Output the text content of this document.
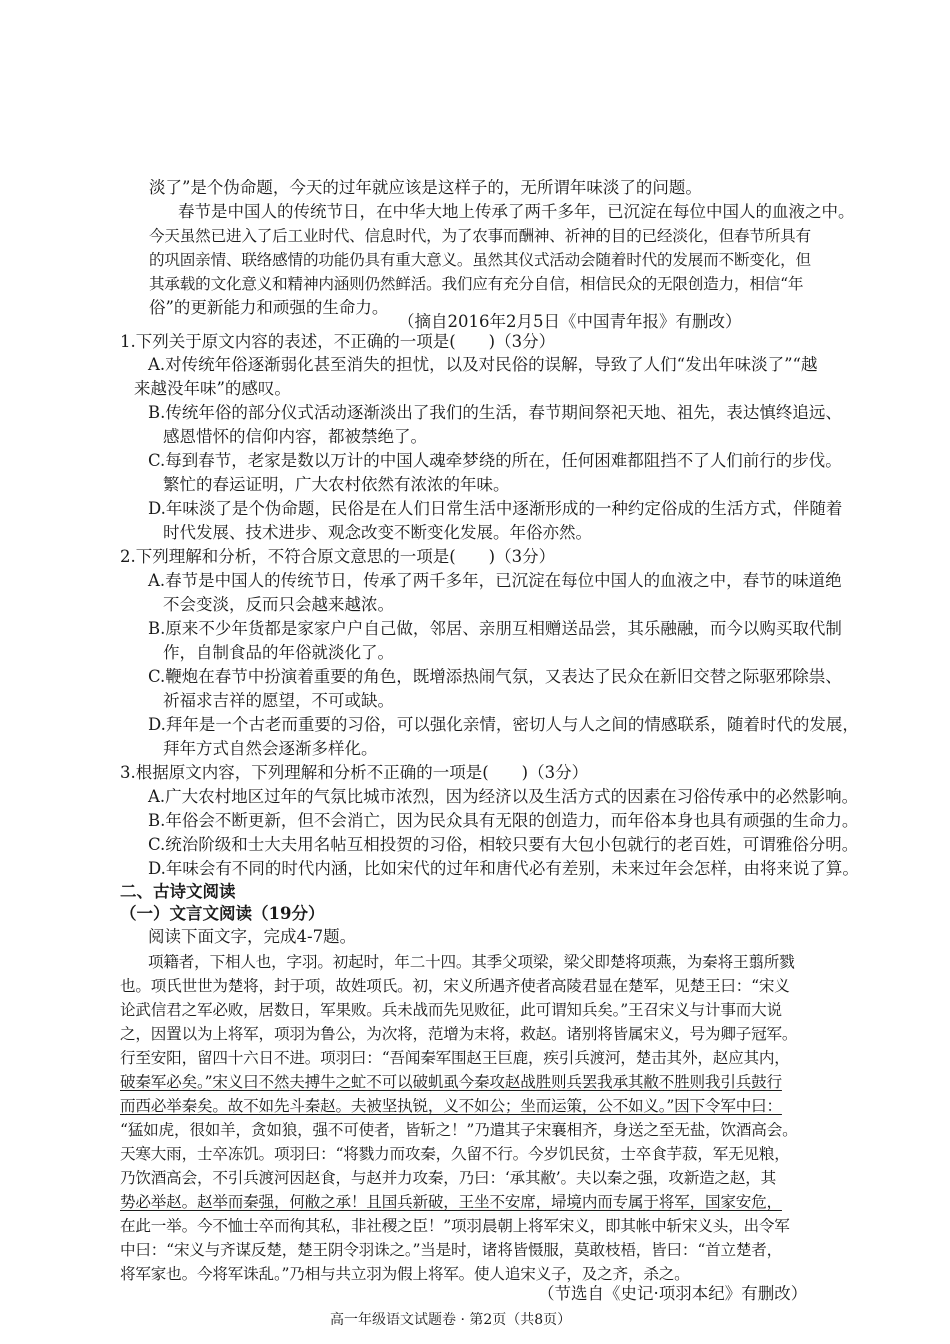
淡了”是个伪命题，今天的过年就应该是这样子的，无所谓年味淡了的问题。
春节是中国人的传统节日，在中华大地上传承了两千多年，已沉淀在每位中国人的血液之中。
今天虽然已进入了后工业时代、信息时代，为了农事而酬神、祈神的目的已经淡化，但春节所具有
的巩固亲情、联络感情的功能仍具有重大意义。虽然其仪式活动会随着时代的发展而不断变化，但
其承载的文化意义和精神内涵则仍然鲜活。我们应有充分自信，相信民众的无限创造力，相信“年
俗”的更新能力和顽强的生命力。
（摘自2016年2月5日《中国青年报》有删改）
1.下列关于原文内容的表述，不正确的一项是(　　)（3分）
A.对传统年俗逐渐弱化甚至消失的担忧，以及对民俗的误解，导致了人们“发出年味淡了”“越
来越没年味”的感叹。
B.传统年俗的部分仪式活动逐渐淡出了我们的生活，春节期间祭祀天地、祖先，表达慎终追远、
感恩惜怀的信仰内容，都被禁绝了。
C.每到春节，老家是数以万计的中国人魂牵梦绕的所在，任何困难都阻挡不了人们前行的步伐。
繁忙的春运证明，广大农村依然有浓浓的年味。
D.年味淡了是个伪命题，民俗是在人们日常生活中逐渐形成的一种约定俗成的生活方式，伴随着
时代发展、技术进步、观念改变不断变化发展。年俗亦然。
2.下列理解和分析，不符合原文意思的一项是(　　)（3分）
A.春节是中国人的传统节日，传承了两千多年，已沉淀在每位中国人的血液之中，春节的味道绝
不会变淡，反而只会越来越浓。
B.原来不少年货都是家家户户自己做，邻居、亲朋互相赠送品尝，其乐融融，而今以购买取代制
作，自制食品的年俗就淡化了。
C.鞭炮在春节中扮演着重要的角色，既增添热闹气氛，又表达了民众在新旧交替之际驱邪除祟、
祈福求吉祥的愿望，不可或缺。
D.拜年是一个古老而重要的习俗，可以强化亲情，密切人与人之间的情感联系，随着时代的发展，
拜年方式自然会逐渐多样化。
3.根据原文内容，下列理解和分析不正确的一项是(　　)（3分）
A.广大农村地区过年的气氛比城市浓烈，因为经济以及生活方式的因素在习俗传承中的必然影响。
B.年俗会不断更新，但不会消亡，因为民众具有无限的创造力，而年俗本身也具有顽强的生命力。
C.统治阶级和士大夫用名帖互相投贺的习俗，相较只要有大包小包就行的老百姓，可谓雅俗分明。
D.年味会有不同的时代内涵，比如宋代的过年和唐代必有差别，未来过年会怎样，由将来说了算。
二、古诗文阅读
（一）文言文阅读（19分）
阅读下面文字，完成4-7题。
项籍者，下相人也，字羽。初起时，年二十四。其季父项梁，梁父即楚将项燕，为秦将王翦所戮
也。项氏世世为楚将，封于项，故姓项氏。初，宋义所遇齐使者高陵君显在楚军，见楚王曰：“宋义
论武信君之军必败，居数日，军果败。兵未战而先见败征，此可谓知兵矣。”王召宋义与计事而大说
之，因置以为上将军，项羽为鲁公，为次将，范增为末将，救赵。诸别将皆属宋义，号为卿子冠军。
行至安阳，留四十六日不进。项羽曰：“吾闻秦军围赵王巨鹿，疾引兵渡河，楚击其外，赵应其内，
破秦军必矣。”宋义曰不然夫搏牛之虻不可以破虮虱今秦攻赵战胜则兵罢我承其敝不胜则我引兵鼓行
而西必举秦矣。故不如先斗秦赵。夫被坚执锐，义不如公；坐而运策，公不如义。”因下令军中曰：
“猛如虎，很如羊，贪如狼，强不可使者，皆斩之！”乃遣其子宋襄相齐，身送之至无盐，饮酒高会。
天寒大雨，士卒冻饥。项羽曰：“将戮力而攻秦，久留不行。今岁饥民贫，士卒食芋菽，军无见粮，
乃饮酒高会，不引兵渡河因赵食，与赵并力攻秦，乃曰：‘承其敝’。夫以秦之强，攻新造之赵，其
势必举赵。赵举而秦强，何敝之承！且国兵新破，王坐不安席，埽境内而专属于将军，国家安危，
在此一举。今不恤士卒而徇其私，非社稷之臣！”项羽晨朝上将军宋义，即其帐中斩宋义头，出令军
中曰：“宋义与齐谋反楚，楚王阴令羽诛之。”当是时，诸将皆慑服，莫敢枝梧，皆曰：“首立楚者，
将军家也。今将军诛乱。”乃相与共立羽为假上将军。使人追宋义子，及之齐，杀之。
（节选自《史记·项羽本纪》有删改）
高一年级语文试题卷 · 第2页（共8页）
